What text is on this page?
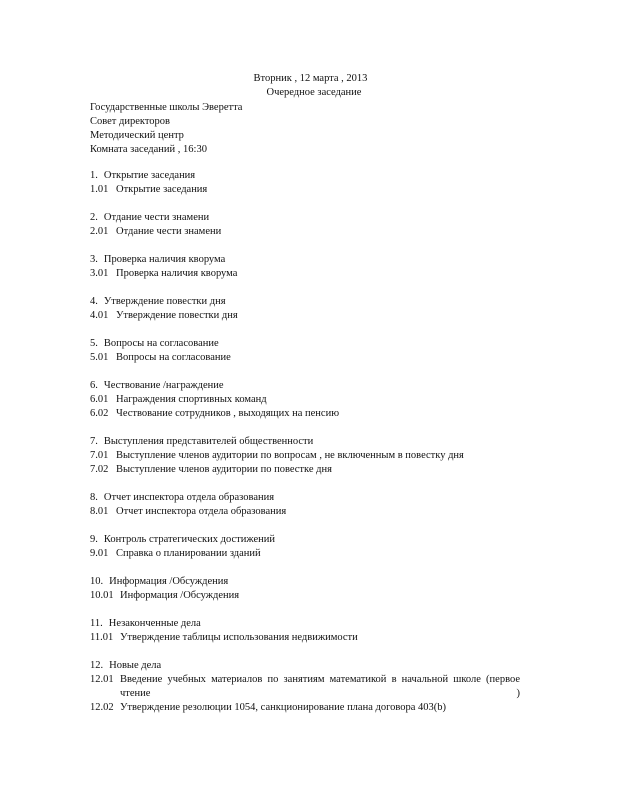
Вторник , 12 марта , 2013
Очередное заседание
Государственные школы Эверетта
Совет директоров
Методический центр
Комната заседаний , 16:30
1. Открытие заседания
1.01 Открытие заседания
2. Отдание чести знамени
2.01 Отдание чести знамени
3. Проверка наличия кворума
3.01 Проверка наличия кворума
4. Утверждение повестки дня
4.01 Утверждение повестки дня
5. Вопросы на согласование
5.01 Вопросы на согласование
6. Чествование /награждение
6.01 Награждения спортивных команд
6.02 Чествование сотрудников , выходящих на пенсию
7. Выступления представителей общественности
7.01 Выступление членов аудитории по вопросам , не включенным в повестку дня
7.02 Выступление членов аудитории по повестке дня
8. Отчет инспектора отдела образования
8.01 Отчет инспектора отдела образования
9. Контроль стратегических достижений
9.01 Справка о планировании зданий
10. Информация /Обсуждения
10.01 Информация /Обсуждения
11. Незаконченные дела
11.01 Утверждение таблицы использования недвижимости
12. Новые дела
12.01 Введение учебных материалов по занятиям математикой в начальной школе (первое чтение )
12.02 Утверждение резолюции 1054, санкционирование плана договора 403(b)
